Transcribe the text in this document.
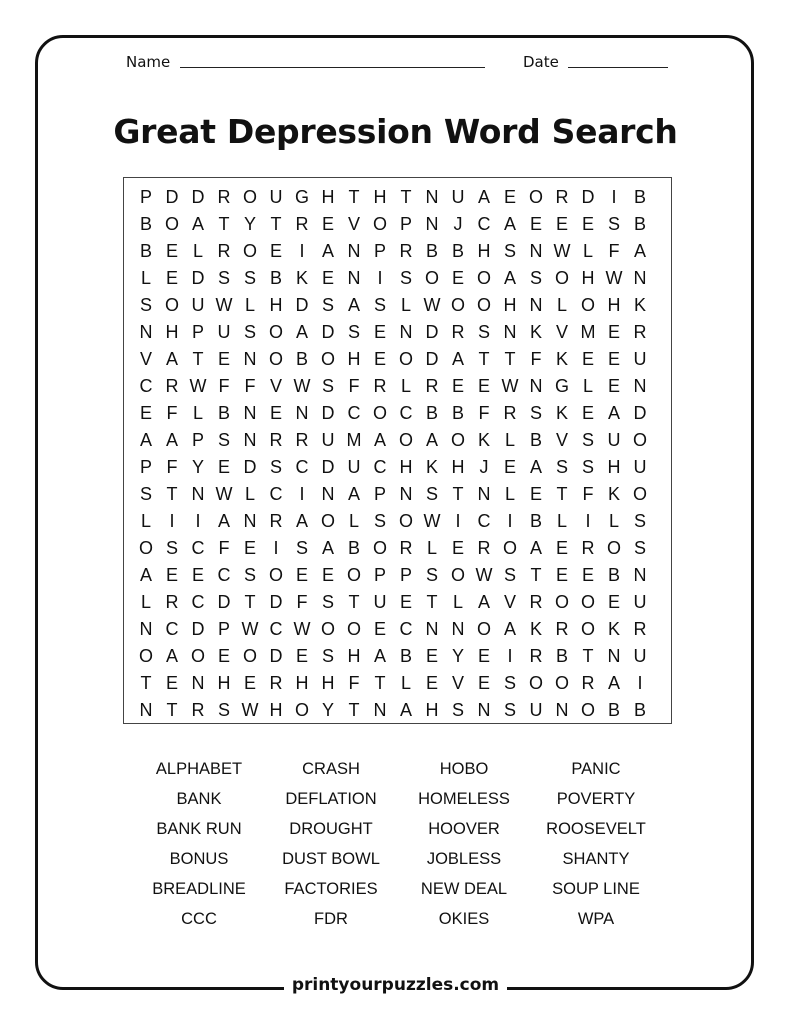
Name	Date
Great Depression Word Search
P D D R O U G H T H T N U A E O R D I B
B O A T Y T R E V O P N J C A E E E S B
B E L R O E I A N P R B B H S N W L F A
L E D S S B K E N I S O E O A S O H W N
S O U W L H D S A S L W O O H N L O H K
N H P U S O A D S E N D R S N K V M E R
V A T E N O B O H E O D A T T F K E E U
C R W F F V W S F R L R E E W N G L E N
E F L B N E N D C O C B B F R S K E A D
A A P S N R R U M A O A O K L B V S U O
P F Y E D S C D U C H K H J E A S S H U
S T N W L C I N A P N S T N L E T F K O
L	I	I A N R A O L S O W I C I B L	I	L S
O S C F E I S A B O R L E R O A E R O S
A E E C S O E E O P P S O W S T E E B N
L R C D T D F S T U E T L A V R O O E U
N C D P W C W O O E C N N O A K R O K R
O A O E O D E S H A B E Y E I R B T N U
T E N H E R H H F T L E V E S O O R A I
N T R S W H O Y T N A H S N S U N O B B
ALPHABET	CRASH	HOBO	PANIC
BANK	DEFLATION	HOMELESS	POVERTY
BANK RUN	DROUGHT	HOOVER	ROOSEVELT
BONUS	DUST BOWL	JOBLESS	SHANTY
BREADLINE	FACTORIES	NEW DEAL	SOUP LINE
CCC	FDR	OKIES	WPA
printyourpuzzles.com
